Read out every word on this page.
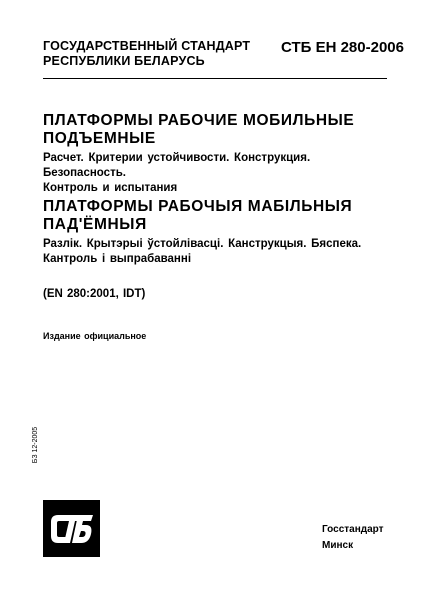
ГОСУДАРСТВЕННЫЙ СТАНДАРТ
РЕСПУБЛИКИ БЕЛАРУСЬ
СТБ ЕН 280-2006
ПЛАТФОРМЫ РАБОЧИЕ МОБИЛЬНЫЕ
ПОДЪЕМНЫЕ
Расчет. Критерии устойчивости. Конструкция. Безопасность.
Контроль и испытания
ПЛАТФОРМЫ РАБОЧЫЯ МАБІЛЬНЫЯ
ПАД'ЁМНЫЯ
Разлік. Крытэрыі ўстойлівасці. Канструкцыя. Бяспека.
Кантроль і выпрабаванні
(EN 280:2001, IDT)
Издание официальное
БЗ 12-2005
Госстандарт
Минск
